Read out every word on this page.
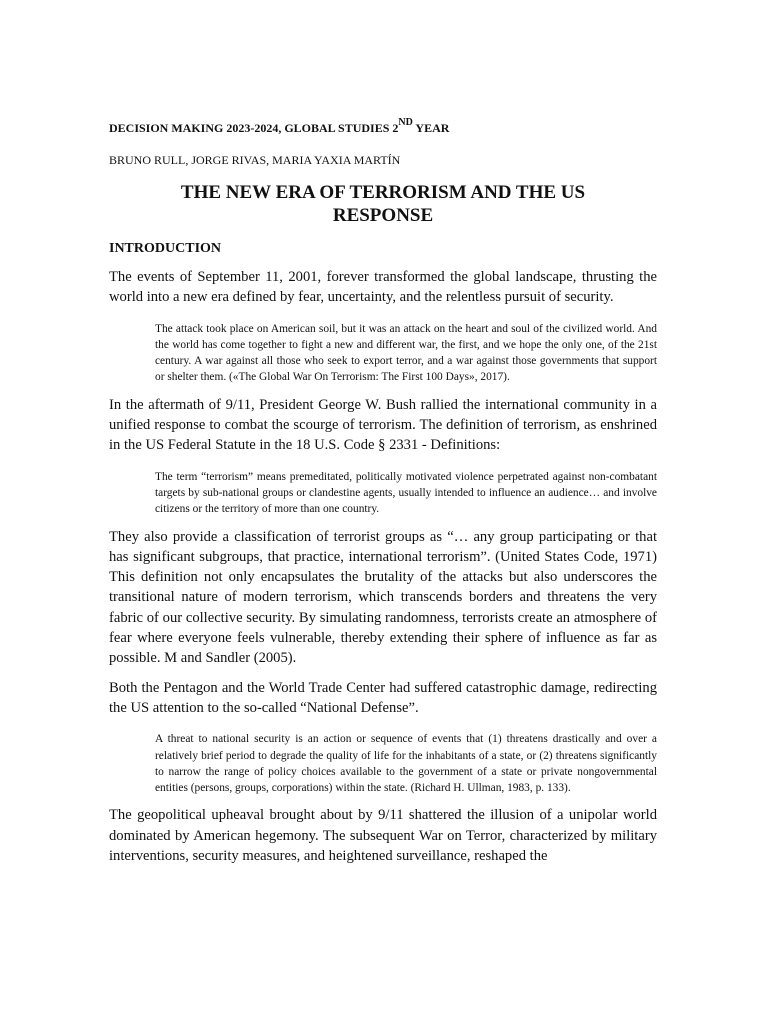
DECISION MAKING 2023-2024, GLOBAL STUDIES 2ND YEAR

BRUNO RULL, JORGE RIVAS, MARIA YAXIA MARTÍN

THE NEW ERA OF TERRORISM AND THE US
RESPONSE
INTRODUCTION

The events of September 11, 2001, forever transformed the global landscape, thrusting the world into a new era defined by fear, uncertainty, and the relentless pursuit of security.

The attack took place on American soil, but it was an attack on the heart and soul of the civilized world. And the world has come together to fight a new and different war, the first, and we hope the only one, of the 21st century. A war against all those who seek to export terror, and a war against those governments that support or shelter them. («The Global War On Terrorism: The First 100 Days», 2017).

In the aftermath of 9/11, President George W. Bush rallied the international community in a unified response to combat the scourge of terrorism. The definition of terrorism, as enshrined in the US Federal Statute in the 18 U.S. Code § 2331 - Definitions:

The term “terrorism” means premeditated, politically motivated violence perpetrated against non-combatant targets by sub-national groups or clandestine agents, usually intended to influence an audience… and involve citizens or the territory of more than one country.

They also provide a classification of terrorist groups as “… any group participating or that has significant subgroups, that practice, international terrorism”. (United States Code, 1971) This definition not only encapsulates the brutality of the attacks but also underscores the transitional nature of modern terrorism, which transcends borders and threatens the very fabric of our collective security. By simulating randomness, terrorists create an atmosphere of fear where everyone feels vulnerable, thereby extending their sphere of influence as far as possible. M and Sandler (2005).

Both the Pentagon and the World Trade Center had suffered catastrophic damage, redirecting the US attention to the so-called “National Defense”.

A threat to national security is an action or sequence of events that (1) threatens drastically and over a relatively brief period to degrade the quality of life for the inhabitants of a state, or (2) threatens significantly to narrow the range of policy choices available to the government of a state or private nongovernmental entities (persons, groups, corporations) within the state. (Richard H. Ullman, 1983, p. 133).

The geopolitical upheaval brought about by 9/11 shattered the illusion of a unipolar world dominated by American hegemony. The subsequent War on Terror, characterized by military interventions, security measures, and heightened surveillance, reshaped the
